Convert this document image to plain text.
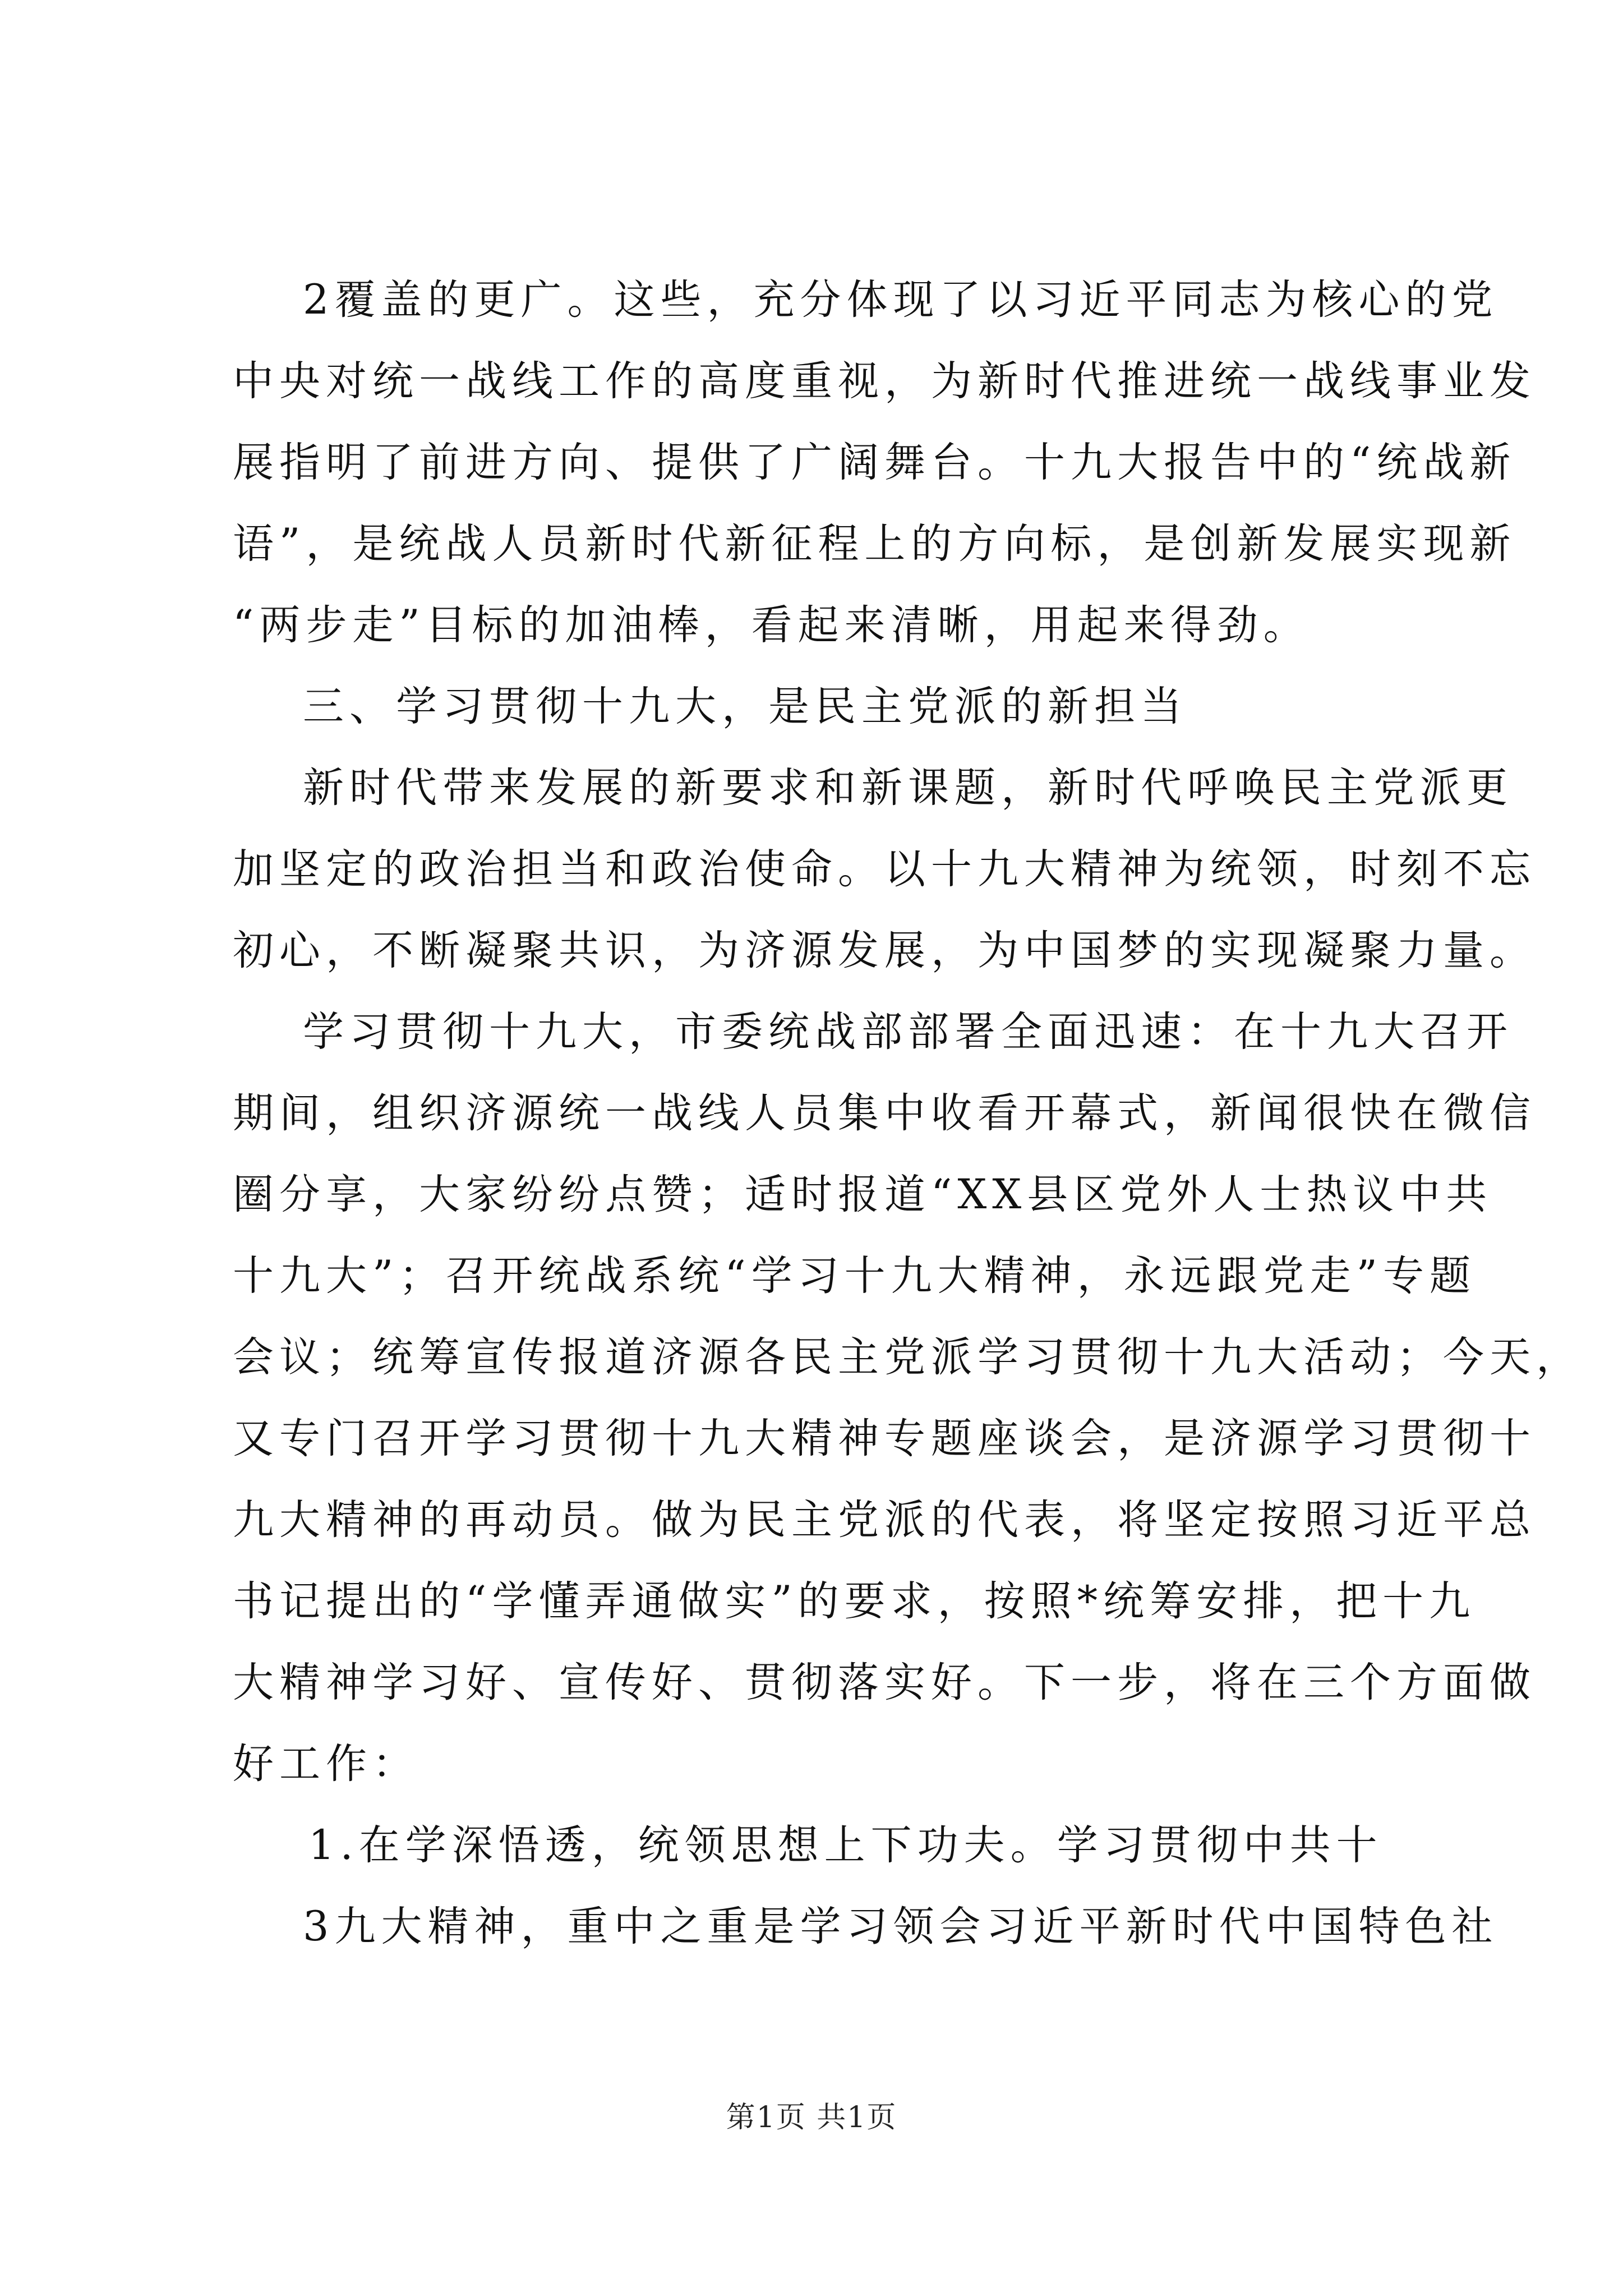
2覆盖的更广。这些，充分体现了以习近平同志为核心的党
中央对统一战线工作的高度重视，为新时代推进统一战线事业发
展指明了前进方向、提供了广阔舞台。十九大报告中的“统战新
语”，是统战人员新时代新征程上的方向标，是创新发展实现新
“两步走”目标的加油棒，看起来清晰，用起来得劲。
三、学习贯彻十九大，是民主党派的新担当
新时代带来发展的新要求和新课题，新时代呼唤民主党派更
加坚定的政治担当和政治使命。以十九大精神为统领，时刻不忘
初心，不断凝聚共识，为济源发展，为中国梦的实现凝聚力量。
学习贯彻十九大，市委统战部部署全面迅速：在十九大召开
期间，组织济源统一战线人员集中收看开幕式，新闻很快在微信
圈分享，大家纷纷点赞；适时报道“XX县区党外人士热议中共
十九大”；召开统战系统“学习十九大精神，永远跟党走”专题
会议；统筹宣传报道济源各民主党派学习贯彻十九大活动；今天，
又专门召开学习贯彻十九大精神专题座谈会，是济源学习贯彻十
九大精神的再动员。做为民主党派的代表，将坚定按照习近平总
书记提出的“学懂弄通做实”的要求，按照*统筹安排，把十九
大精神学习好、宣传好、贯彻落实好。下一步，将在三个方面做
好工作：
1.在学深悟透，统领思想上下功夫。学习贯彻中共十
3九大精神，重中之重是学习领会习近平新时代中国特色社
第1页 共1页
